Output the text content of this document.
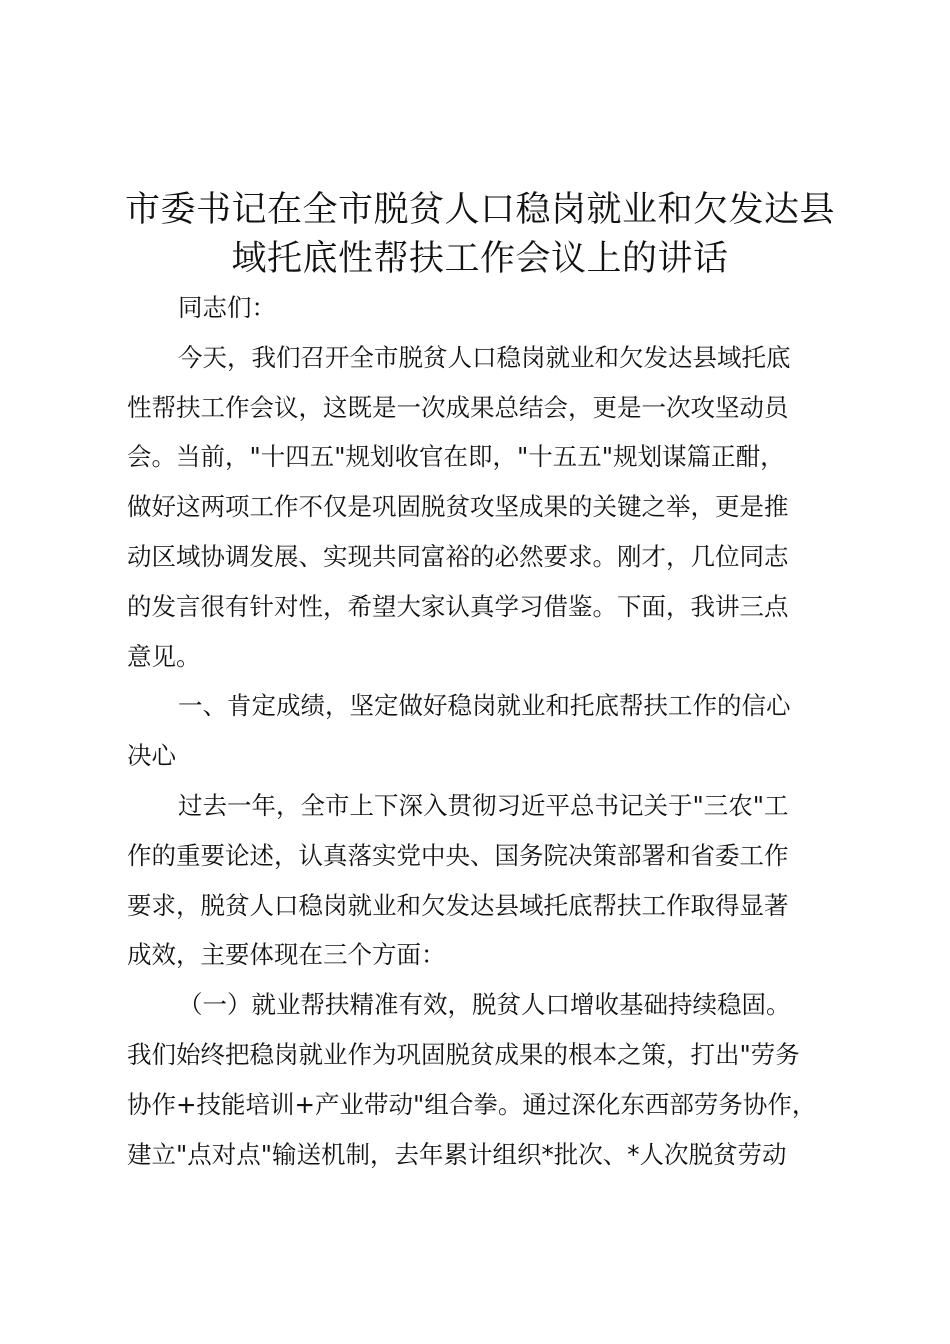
市委书记在全市脱贫人口稳岗就业和欠发达县
域托底性帮扶工作会议上的讲话
同志们：
今天，我们召开全市脱贫人口稳岗就业和欠发达县域托底
性帮扶工作会议，这既是一次成果总结会，更是一次攻坚动员
会。当前，"十四五"规划收官在即，"十五五"规划谋篇正酣，
做好这两项工作不仅是巩固脱贫攻坚成果的关键之举，更是推
动区域协调发展、实现共同富裕的必然要求。刚才，几位同志
的发言很有针对性，希望大家认真学习借鉴。下面，我讲三点
意见。
一、肯定成绩，坚定做好稳岗就业和托底帮扶工作的信心
决心
过去一年，全市上下深入贯彻习近平总书记关于"三农"工
作的重要论述，认真落实党中央、国务院决策部署和省委工作
要求，脱贫人口稳岗就业和欠发达县域托底帮扶工作取得显著
成效，主要体现在三个方面：
（一）就业帮扶精准有效，脱贫人口增收基础持续稳固。
我们始终把稳岗就业作为巩固脱贫成果的根本之策，打出"劳务
协作+技能培训+产业带动"组合拳。通过深化东西部劳务协作，
建立"点对点"输送机制，去年累计组织*批次、*人次脱贫劳动
